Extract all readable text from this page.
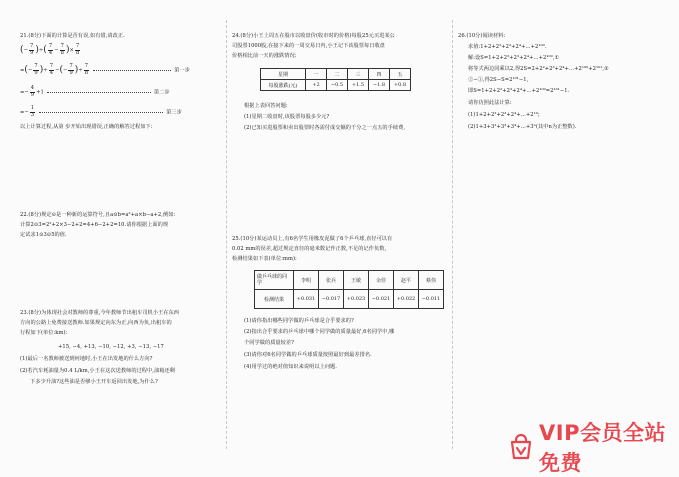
21.(8分)下面的计算是否有误,如有错,请改正.
(− $\frac{7}{9}$ )÷( $\frac{7}{4} - \frac{7}{8}$ )× $\frac{7}{8}$
=(− $\frac{7}{9}$ )÷ $\frac{7}{4}$ −(− $\frac{7}{9}$ )÷ $\frac{7}{8}$	第一步
=− $\frac{4}{9} +1$	第二步
=− $\frac{1}{3}$	第三步
以上计算过程,从第 步开始出现错误,正确的解答过程如下:
22.(8分)规定⊙是一种新的运算符号,且a⊙b=a²+a×b−a+2,例如:
计算2⊙3=2²+2×3−2+2=4+6−2+2=10.请你根据上面的规
定试求1⊙3⊙5的值.
23.(8分)为体现社会对教师的尊重,今年教师节出租车司机小王在东西
方向的公路上免费接送教师.如果规定向东为正,向西为负,出租车的
行程如下(单位:km):
+15, −4, +13, −10, −12, +3, −13, −17
(1)最后一名教师被送到何地时,小王在出发地的什么方向?
(2)若汽车耗油量为0.4 L/km,小王在这次送教师的过程中,油箱还剩
下多少升油?这些油是否够小王开车返回出发地,为什么?
24.(8分)小王上周五在股市以收盘价(收市时的价格)每股25元买进某公
司股票1000股,在接下来的一周交易日内,小王记下该股票每日收盘
价格相比前一天的涨跌情况:
星期	一	二	三	四	五
每股涨跌(元)	+2	−0.5	+1.5	−1.8	+0.8
根据上表回答问题:
(1)星期二收盘时,该股票每股多少元?
(2)已知买进股票和卖出股票时各需付成交额的千分之一点五的手续费,
25.(10分)某运动员上,有6名学生用橡皮泥做了6个乒乓球,直径可以有
0.02 mm的误差,超过规定直径的毫米数记作正数,不足的记作负数,
检测结果如下表(单位:mm):
做乒乓球的同学	李明	张兵	王敏	余佳	赵平	蔡伟
检测结果	+0.031	−0.017	+0.023	−0.021	+0.022	−0.011
(1)请你指出哪些同学做的乒乓球是合乎要求的?
(2)指出合乎要求的乒乓球中哪个同学做的质量最好,6名同学中,哪
个同学做的质量较差?
(3)请你对6名同学做的乒乓球质量按照最好到最差排名.
(4)用学过的绝对值知识来说明以上问题.
26.(10分)阅读材料:
求值:1+2+2²+2³+2⁴+…+2¹⁰⁰.
解:设S=1+2+2²+2³+2⁴+…+2¹⁰⁰,①
将等式两边同乘以2,得2S=2+2²+2³+2⁴+…+2¹⁰⁰+2¹⁰¹,②
②−①,得2S−S=2¹⁰¹−1,
即S=1+2+2²+2³+2⁴+…+2¹⁰⁰=2¹⁰¹−1.
请你仿照此法计算:
(1)1+2+2²+2³+2⁴+…+2¹⁰;
(2)1+3+3²+3³+3⁴+…+3ⁿ(其中n为正整数).
VIP会员全站免费
